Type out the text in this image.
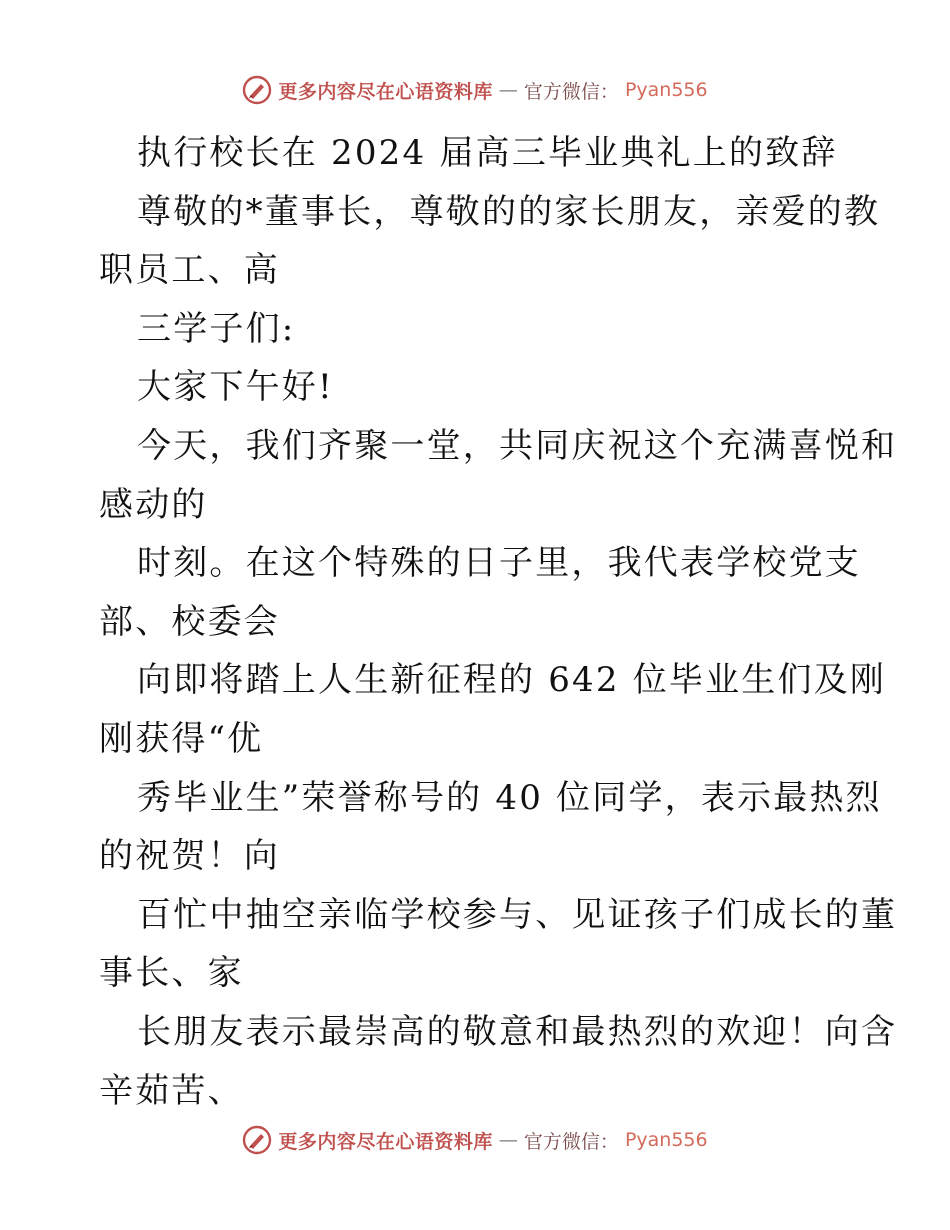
更多内容尽在心语资料库 — 官方微信： Pyan556
执行校长在 2024 届高三毕业典礼上的致辞
尊敬的*董事长，尊敬的的家长朋友，亲爱的教
职员工、高
三学子们:
大家下午好!
今天，我们齐聚一堂，共同庆祝这个充满喜悦和
感动的
时刻。在这个特殊的日子里，我代表学校党支
部、校委会
向即将踏上人生新征程的 642 位毕业生们及刚
刚获得“优
秀毕业生”荣誉称号的 40 位同学，表示最热烈
的祝贺！向
百忙中抽空亲临学校参与、见证孩子们成长的董
事长、家
长朋友表示最崇高的敬意和最热烈的欢迎！向含
辛茹苦、
更多内容尽在心语资料库 — 官方微信： Pyan556
